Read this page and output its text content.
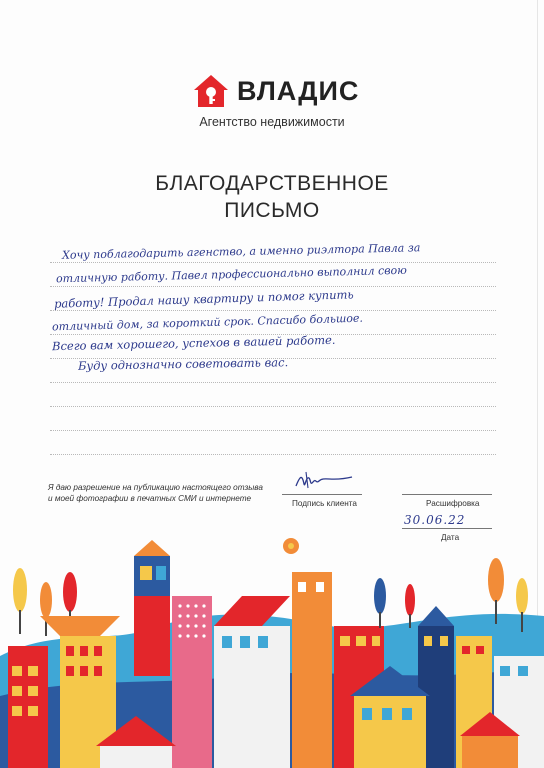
ВЛАДИС
Агентство недвижимости
БЛАГОДАРСТВЕННОЕ
ПИСЬМО
Хочу поблагодарить агенство, а именно риэлтора Павла за
отличную работу. Павел профессионально выполнил свою
работу! Продал нашу квартиру и помог купить
отличный дом, за короткий срок. Спасибо большое.
Всего вам хорошего, успехов в вашей работе.
Буду однозначно советовать вас.
Я даю разрешение на публикацию настоящего отзыва
и моей фотографии в печатных СМИ и интернете
Подпись клиента	Расшифровка
30.06.22
Дата
